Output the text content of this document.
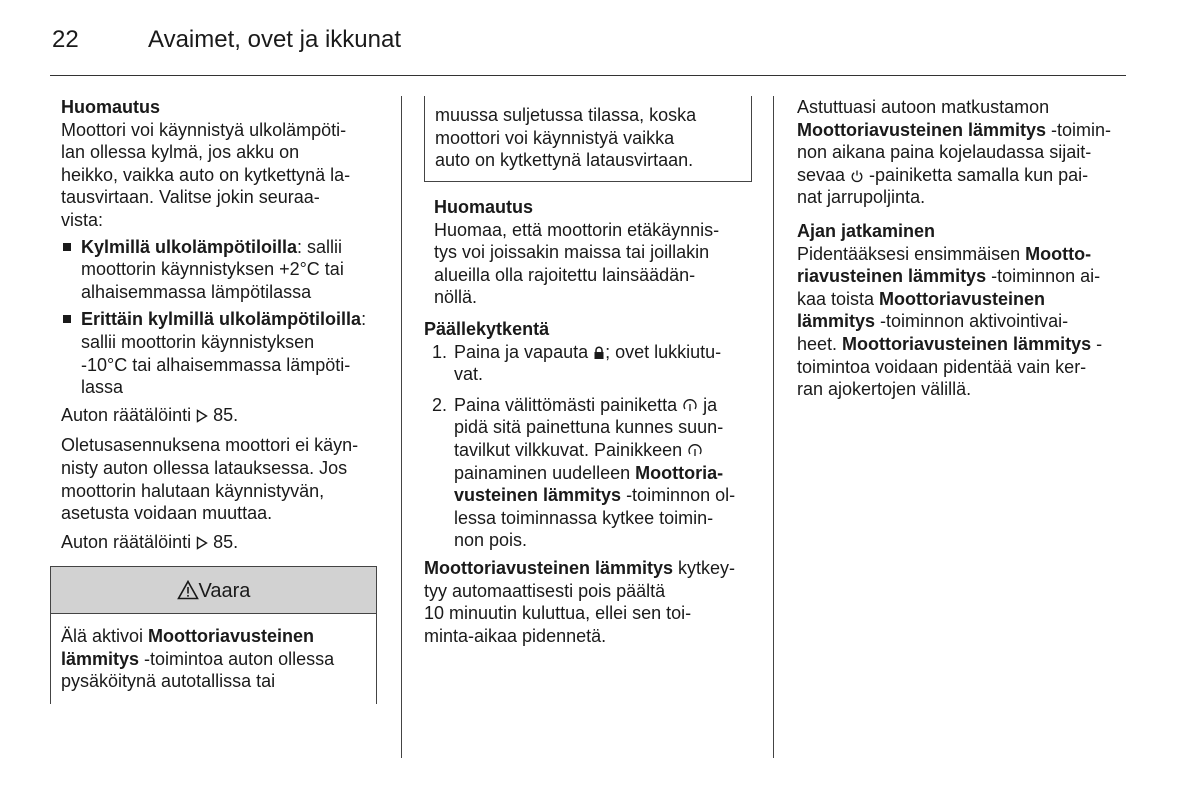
22	Avaimet, ovet ja ikkunat

Huomautus

Moottori voi käynnistyä ulkolämpöti-

lan ollessa kylmä, jos akku on

heikko, vaikka auto on kytkettynä la-

tausvirtaan. Valitse jokin seuraa-

vista:

Kylmillä ulkolämpötiloilla: sallii

moottorin käynnistyksen +2°C tai

alhaisemmassa lämpötilassa

Erittäin kylmillä ulkolämpötiloilla:

sallii moottorin käynnistyksen

-10°C tai alhaisemmassa lämpöti-

lassa

Auton räätälöinti  85.

Oletusasennuksena moottori ei käyn-

nisty auton ollessa latauksessa. Jos

moottorin halutaan käynnistyvän,

asetusta voidaan muuttaa.

Auton räätälöinti  85.

Vaara

Älä aktivoi Moottoriavusteinen

lämmitys -toimintoa auton ollessa

pysäköitynä autotallissa tai

muussa suljetussa tilassa, koska

moottori voi käynnistyä vaikka

auto on kytkettynä latausvirtaan.

Huomautus

Huomaa, että moottorin etäkäynnis-

tys voi joissakin maissa tai joillakin

alueilla olla rajoitettu lainsäädän-

nöllä.

Päällekytkentä

1. Paina ja vapauta ; ovet lukkiutu-

vat.

2. Paina välittömästi painiketta  ja

pidä sitä painettuna kunnes suun-

tavilkut vilkkuvat. Painikkeen

painaminen uudelleen Moottoria-

vusteinen lämmitys -toiminnon ol-

lessa toiminnassa kytkee toimin-

non pois.

Moottoriavusteinen lämmitys kytkey-

tyy automaattisesti pois päältä

10 minuutin kuluttua, ellei sen toi-

minta-aikaa pidennetä.

Astuttuasi autoon matkustamon

Moottoriavusteinen lämmitys -toimin-

non aikana paina kojelaudassa sijait-

sevaa  -painiketta samalla kun pai-

nat jarrupoljinta.

Ajan jatkaminen

Pidentääksesi ensimmäisen Mootto-

riavusteinen lämmitys -toiminnon ai-

kaa toista Moottoriavusteinen

lämmitys -toiminnon aktivointivai-

heet. Moottoriavusteinen lämmitys -

toimintoa voidaan pidentää vain ker-

ran ajokertojen välillä.
